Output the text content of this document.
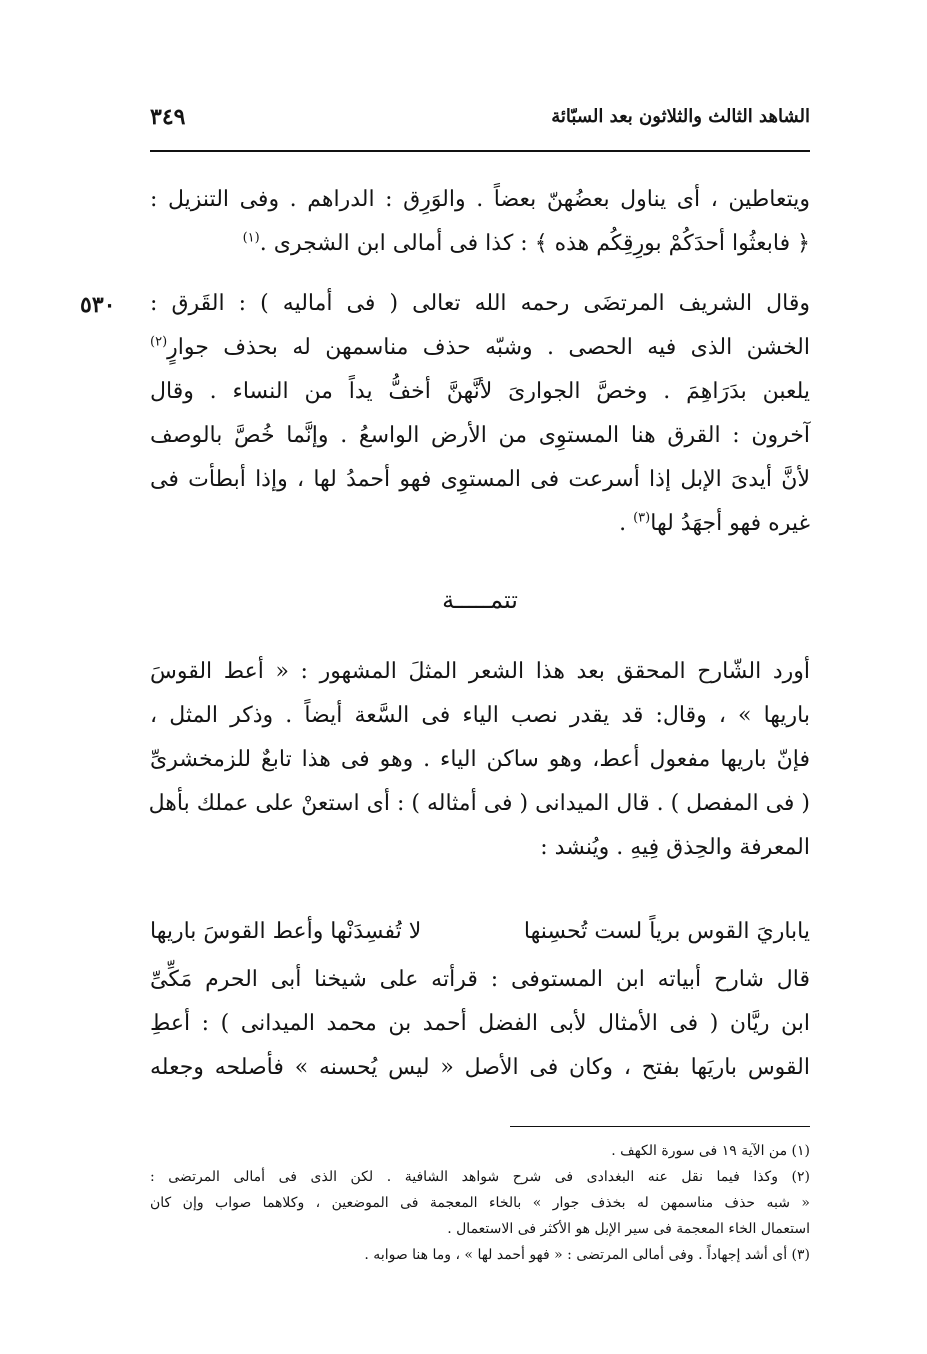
الشاهد الثالث والثلاثون بعد السبّائة
٣٤٩
٥٣٠
ويتعاطين ، أى يناول بعضُهنّ بعضاً . والوَرِق : الدراهم . وفى التنزيل :
﴿ فابعثُوا أحدَكُمْ بورِقِكُم هذه ﴾ : كذا فى أمالى ابن الشجرى .$^{(١)}$
وقال الشريف المرتضَى رحمه الله تعالى ( فى أماليه ) : القَرق :
الخشن الذى فيه الحصى . وشبّه حذف مناسمهن له بحذف جوارٍ$^{(٢)}$
يلعبن بدَرَاهِمَ . وخصَّ الجوارىَ لأنَّهنَّ أخفُّ يداً من النساء . وقال
آخرون : القرق هنا المستوِى من الأرض الواسعُ . وإنَّما خُصَّ بالوصف
لأنَّ أيدىَ الإبل إذا أسرعت فى المستوِى فهو أحمدُ لها ، وإذا أبطأت فى
غيره فهو أجهَدُ لها$^{(٣)}$ .
تتمـــــة
أورد الشّارح المحقق بعد هذا الشعر المثلَ المشهور : « أعط القوسَ
باريها » ، وقال: قد يقدر نصب الياء فى السَّعة أيضاً . وذكر المثل ،
فإنّ باريها مفعول أعط، وهو ساكن الياء . وهو فى هذا تابعٌ للزمخشرىِّ
( فى المفصل ) . قال الميدانى ( فى أمثاله ) : أى استعنْ على عملك بأهل
المعرفة والحِذق فِيهِ . ويُنشد :
ياباريَ القوس برياً لست تُحسِنها
لا تُفسِدَنْها وأعط القوسَ باريها
قال شارح أبياته ابن المستوفى : قرأته على شيخنا أبى الحرم مَكِّىِّ
ابن ريَّان ( فى الأمثال لأبى الفضل أحمد بن محمد الميدانى ) : أعطِ
القوس باريَها بفتح ، وكان فى الأصل « ليس يُحسنه » فأصلحه وجعله
(١) من الآية ١٩ فى سورة الكهف .
(٢) وكذا فيما نقل عنه البغدادى فى شرح شواهد الشافية . لكن الذى فى أمالى المرتضى :
« شبه حذف مناسمهن له بخذف جوار » بالخاء المعجمة فى الموضعين ، وكلاهما صواب وإن كان
استعمال الخاء المعجمة فى سير الإبل هو الأكثر فى الاستعمال .
(٣) أى أشد إجهاداً . وفى أمالى المرتضى : « فهو أحمد لها » ، وما هنا صوابه .
